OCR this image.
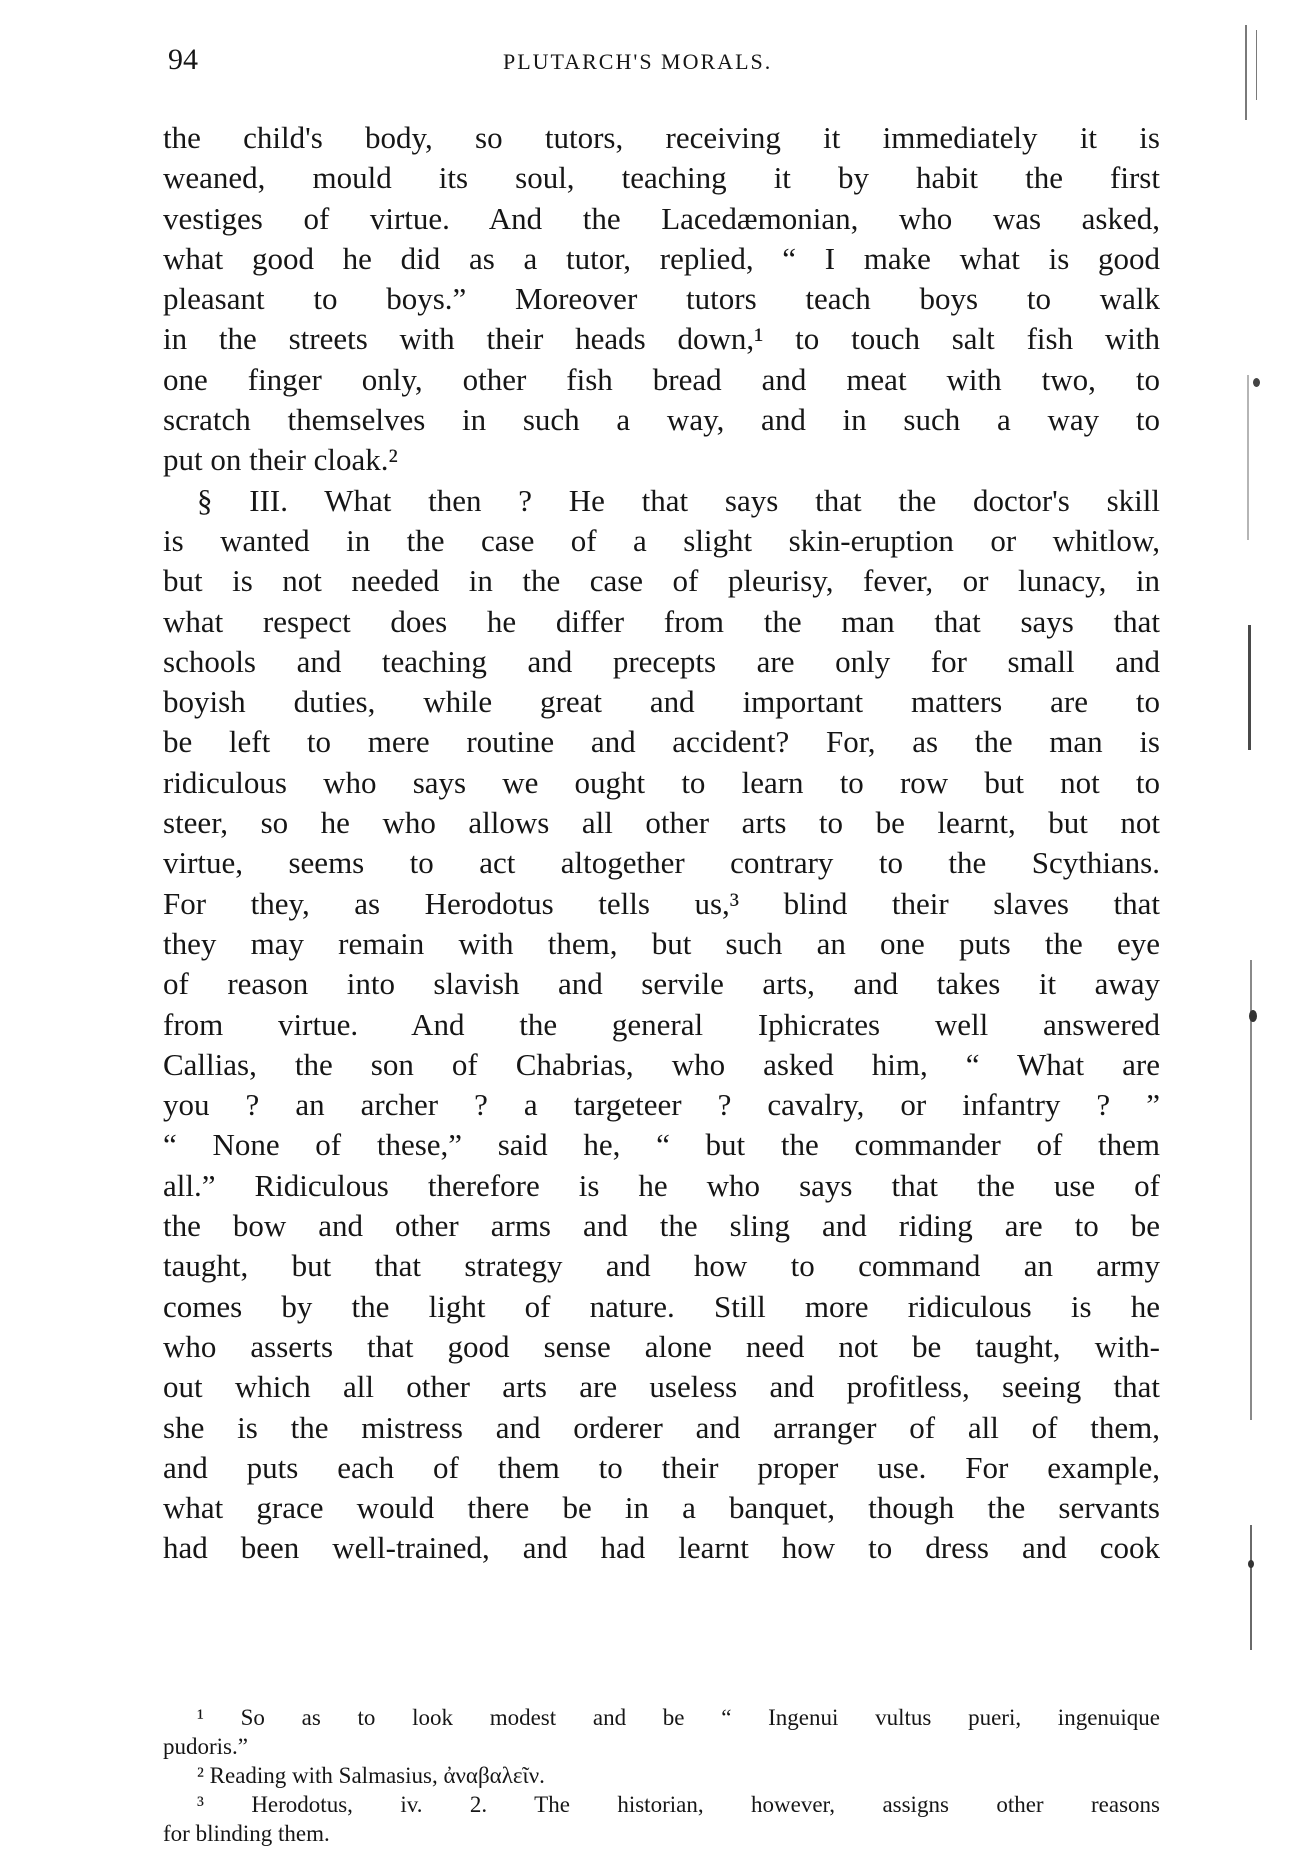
94	PLUTARCH'S MORALS.
the child's body, so tutors, receiving it immediately it is
weaned, mould its soul, teaching it by habit the first
vestiges of virtue. And the Lacedæmonian, who was asked,
what good he did as a tutor, replied, “ I make what is good
pleasant to boys.” Moreover tutors teach boys to walk
in the streets with their heads down,¹ to touch salt fish with
one finger only, other fish bread and meat with two, to
scratch themselves in such a way, and in such a way to
put on their cloak.²
§ III. What then ? He that says that the doctor's skill
is wanted in the case of a slight skin-eruption or whitlow,
but is not needed in the case of pleurisy, fever, or lunacy, in
what respect does he differ from the man that says that
schools and teaching and precepts are only for small and
boyish duties, while great and important matters are to
be left to mere routine and accident? For, as the man is
ridiculous who says we ought to learn to row but not to
steer, so he who allows all other arts to be learnt, but not
virtue, seems to act altogether contrary to the Scythians.
For they, as Herodotus tells us,³ blind their slaves that
they may remain with them, but such an one puts the eye
of reason into slavish and servile arts, and takes it away
from virtue. And the general Iphicrates well answered
Callias, the son of Chabrias, who asked him, “ What are
you ? an archer ? a targeteer ? cavalry, or infantry ? ”
“ None of these,” said he, “ but the commander of them
all.” Ridiculous therefore is he who says that the use of
the bow and other arms and the sling and riding are to be
taught, but that strategy and how to command an army
comes by the light of nature. Still more ridiculous is he
who asserts that good sense alone need not be taught, with-
out which all other arts are useless and profitless, seeing that
she is the mistress and orderer and arranger of all of them,
and puts each of them to their proper use. For example,
what grace would there be in a banquet, though the servants
had been well-trained, and had learnt how to dress and cook
¹ So as to look modest and be “ Ingenui vultus pueri, ingenuique
pudoris.”
² Reading with Salmasius, ἀναβαλεῖν.
³ Herodotus, iv. 2. The historian, however, assigns other reasons
for blinding them.
